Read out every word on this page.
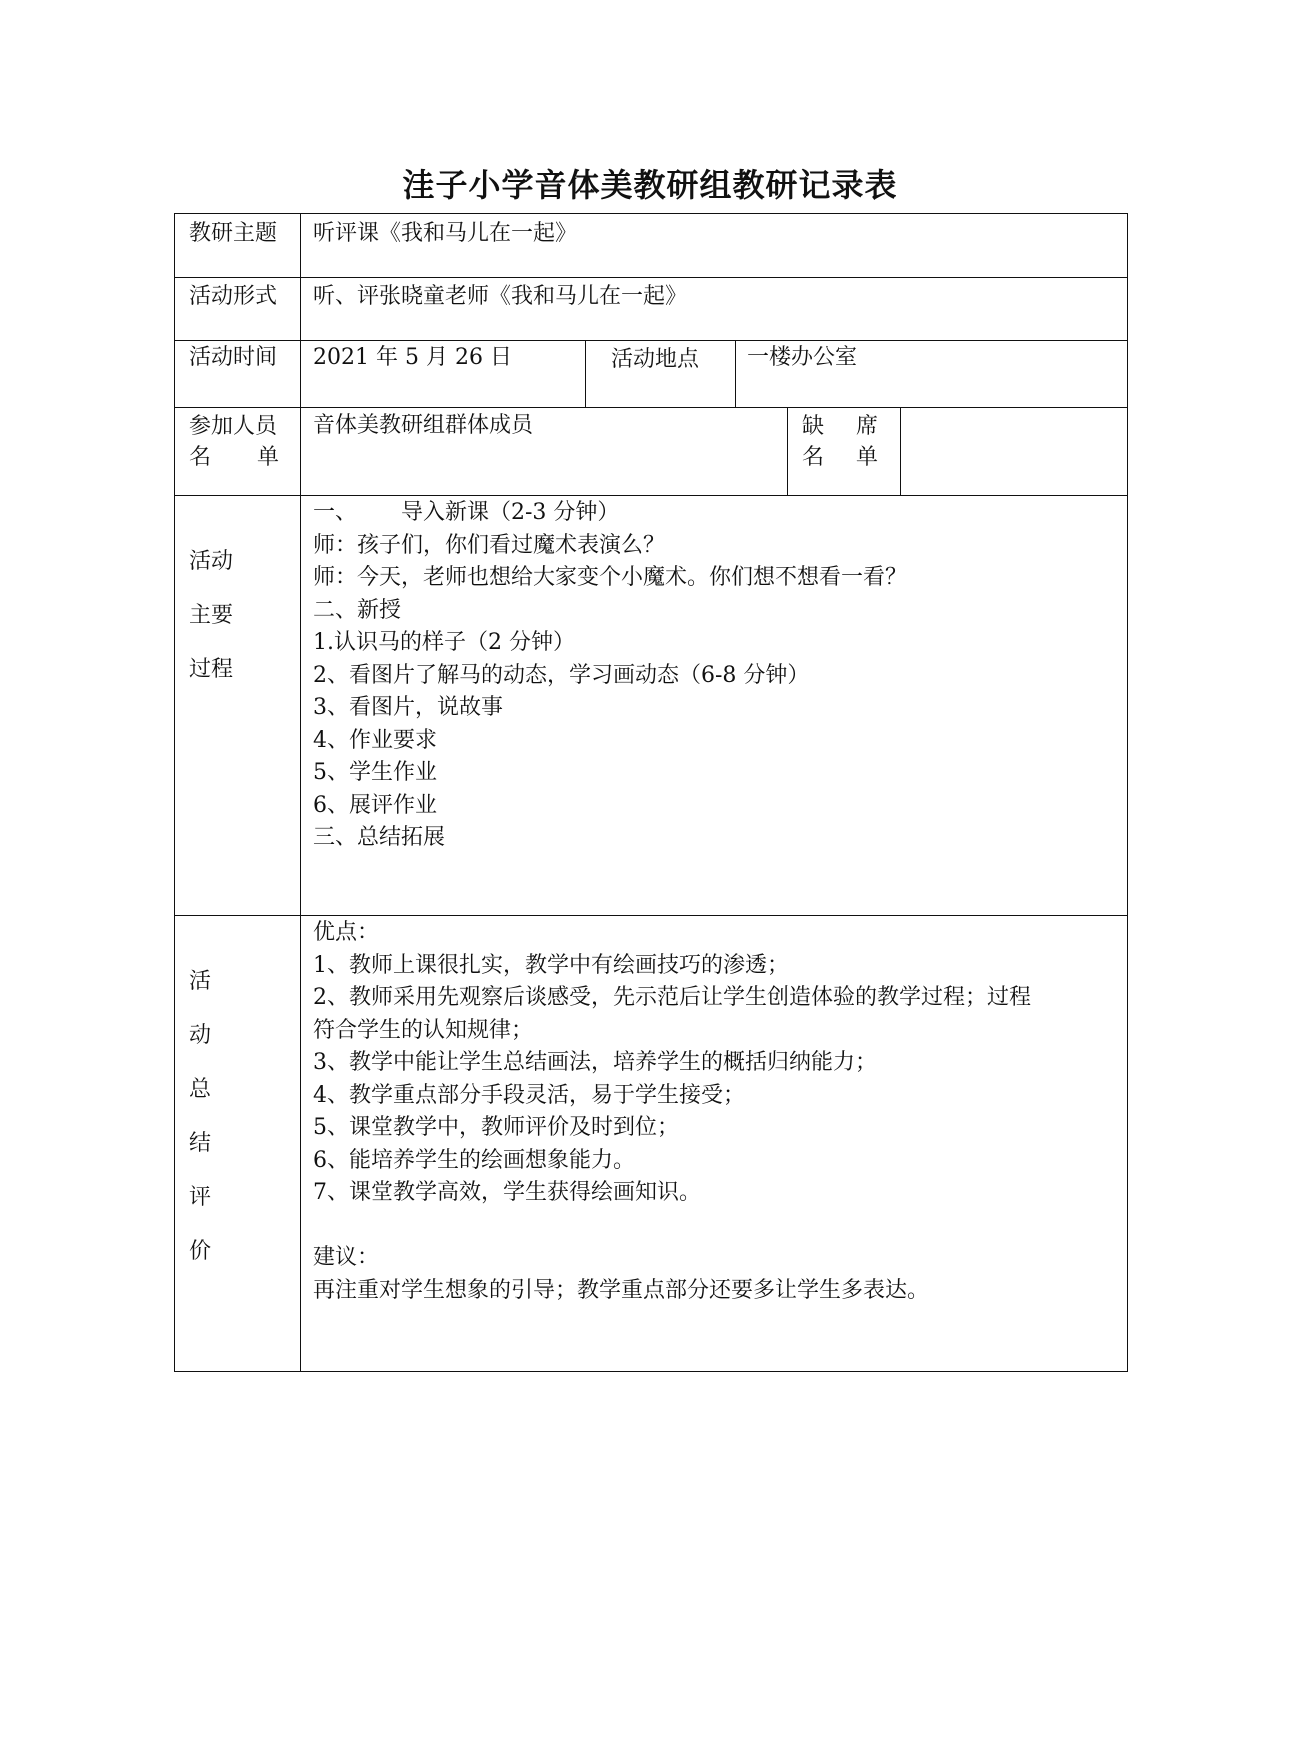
洼子小学音体美教研组教研记录表
教研主题 听评课《我和马儿在一起》
活动形式 听、评张晓童老师《我和马儿在一起》
活动时间 2021 年 5 月 26 日	活动地点 一楼办公室
参加人员
名 单
音体美教研组群体成员	缺 席
名 单
活动
主要
过程
一、 导入新课（2-3 分钟）
师：孩子们，你们看过魔术表演么？
师：今天，老师也想给大家变个小魔术。你们想不想看一看？
二、新授
1.认识马的样子（2 分钟）
2、看图片了解马的动态，学习画动态（6-8 分钟）
3、看图片，说故事
4、作业要求
5、学生作业
6、展评作业
三、总结拓展
活
动
总
结
评
价
优点：
1、教师上课很扎实，教学中有绘画技巧的渗透；
2、教师采用先观察后谈感受，先示范后让学生创造体验的教学过程；过程
符合学生的认知规律；
3、教学中能让学生总结画法，培养学生的概括归纳能力；
4、教学重点部分手段灵活，易于学生接受；
5、课堂教学中，教师评价及时到位；
6、能培养学生的绘画想象能力。
7、课堂教学高效，学生获得绘画知识。
建议：
再注重对学生想象的引导；教学重点部分还要多让学生多表达。
